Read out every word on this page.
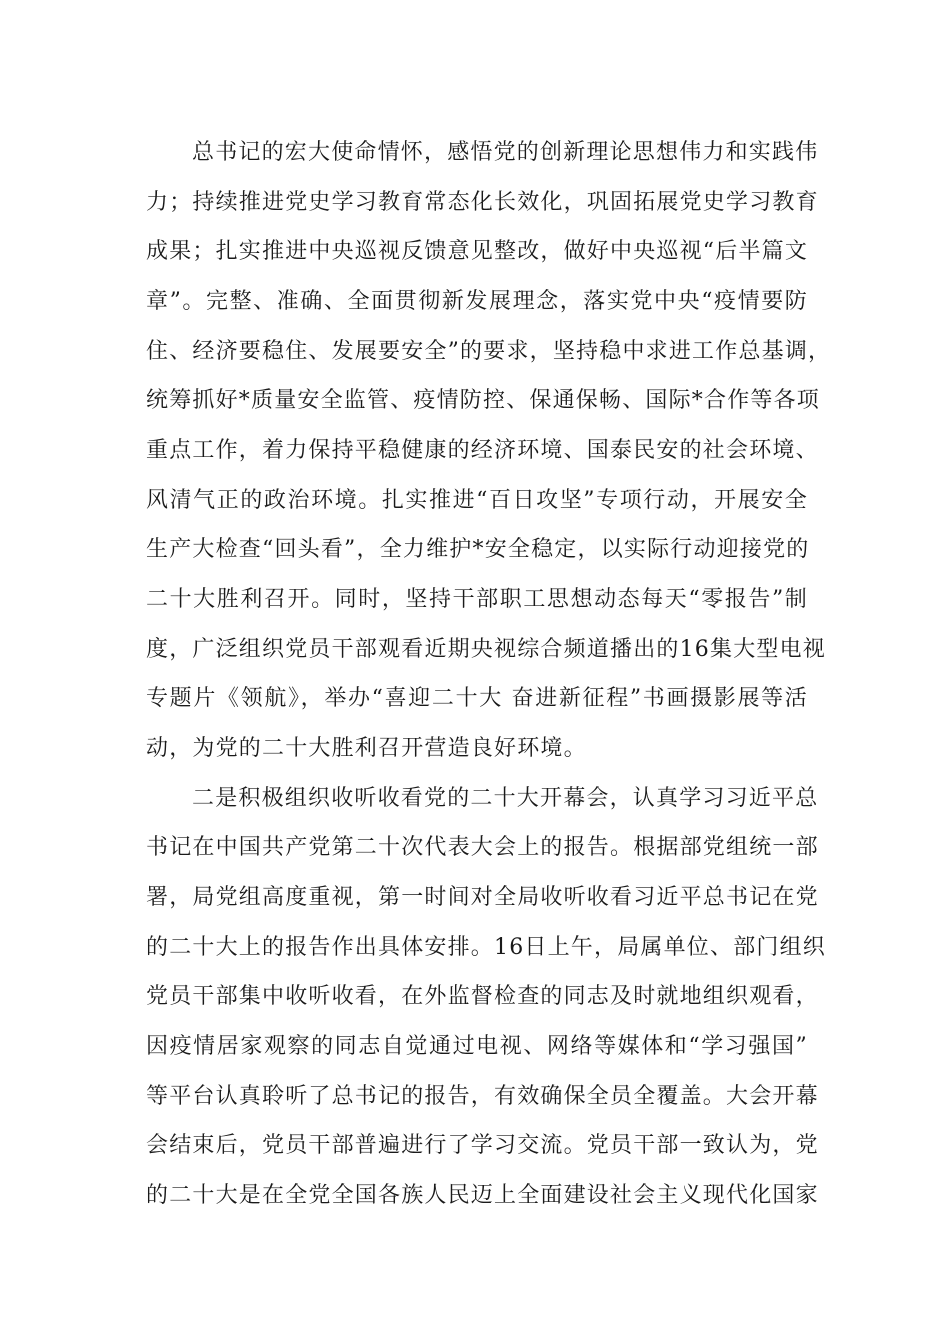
总书记的宏大使命情怀，感悟党的创新理论思想伟力和实践伟
力；持续推进党史学习教育常态化长效化，巩固拓展党史学习教育
成果；扎实推进中央巡视反馈意见整改，做好中央巡视“后半篇文
章”。完整、准确、全面贯彻新发展理念，落实党中央“疫情要防
住、经济要稳住、发展要安全”的要求，坚持稳中求进工作总基调，
统筹抓好*质量安全监管、疫情防控、保通保畅、国际*合作等各项
重点工作，着力保持平稳健康的经济环境、国泰民安的社会环境、
风清气正的政治环境。扎实推进“百日攻坚”专项行动，开展安全
生产大检查“回头看”，全力维护*安全稳定，以实际行动迎接党的
二十大胜利召开。同时，坚持干部职工思想动态每天“零报告”制
度，广泛组织党员干部观看近期央视综合频道播出的16集大型电视
专题片《领航》，举办“喜迎二十大 奋进新征程”书画摄影展等活
动，为党的二十大胜利召开营造良好环境。
二是积极组织收听收看党的二十大开幕会，认真学习习近平总
书记在中国共产党第二十次代表大会上的报告。根据部党组统一部
署，局党组高度重视，第一时间对全局收听收看习近平总书记在党
的二十大上的报告作出具体安排。16日上午，局属单位、部门组织
党员干部集中收听收看，在外监督检查的同志及时就地组织观看，
因疫情居家观察的同志自觉通过电视、网络等媒体和“学习强国”
等平台认真聆听了总书记的报告，有效确保全员全覆盖。大会开幕
会结束后，党员干部普遍进行了学习交流。党员干部一致认为，党
的二十大是在全党全国各族人民迈上全面建设社会主义现代化国家
